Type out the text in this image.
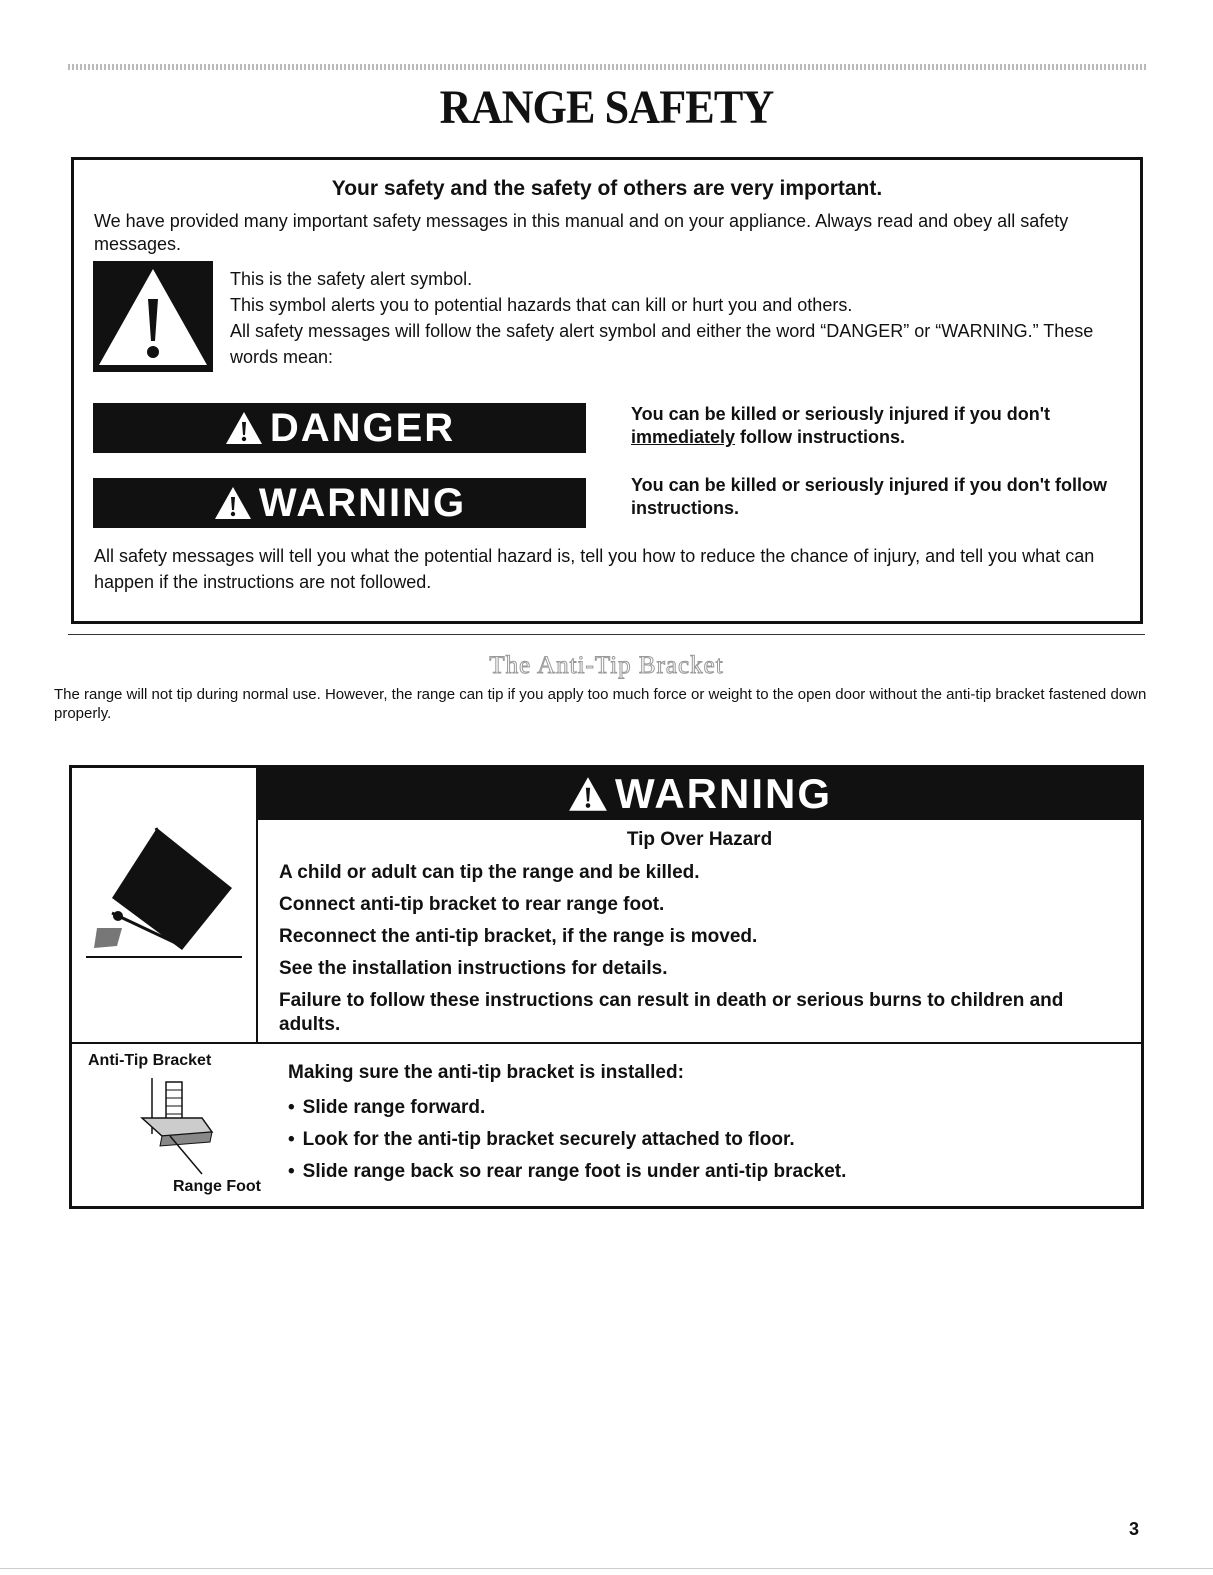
RANGE SAFETY
Your safety and the safety of others are very important.
We have provided many important safety messages in this manual and on your appliance. Always read and obey all safety messages.

This is the safety alert symbol.

This symbol alerts you to potential hazards that can kill or hurt you and others.

All safety messages will follow the safety alert symbol and either the word “DANGER” or “WARNING.” These words mean:

DANGER	You can be killed or seriously injured if you don't immediately follow instructions.
WARNING	You can be killed or seriously injured if you don't follow instructions.
All safety messages will tell you what the potential hazard is, tell you how to reduce the chance of injury, and tell you what can happen if the instructions are not followed.
The Anti-Tip Bracket
The range will not tip during normal use. However, the range can tip if you apply too much force or weight to the open door without the anti-tip bracket fastened down properly.
WARNING
Tip Over Hazard

A child or adult can tip the range and be killed.

Connect anti-tip bracket to rear range foot.

Reconnect the anti-tip bracket, if the range is moved.

See the installation instructions for details.

Failure to follow these instructions can result in death or serious burns to children and adults.

Anti-Tip Bracket
Range Foot
Making sure the anti-tip bracket is installed:
• Slide range forward.
• Look for the anti-tip bracket securely attached to floor.
• Slide range back so rear range foot is under anti-tip bracket.
3
